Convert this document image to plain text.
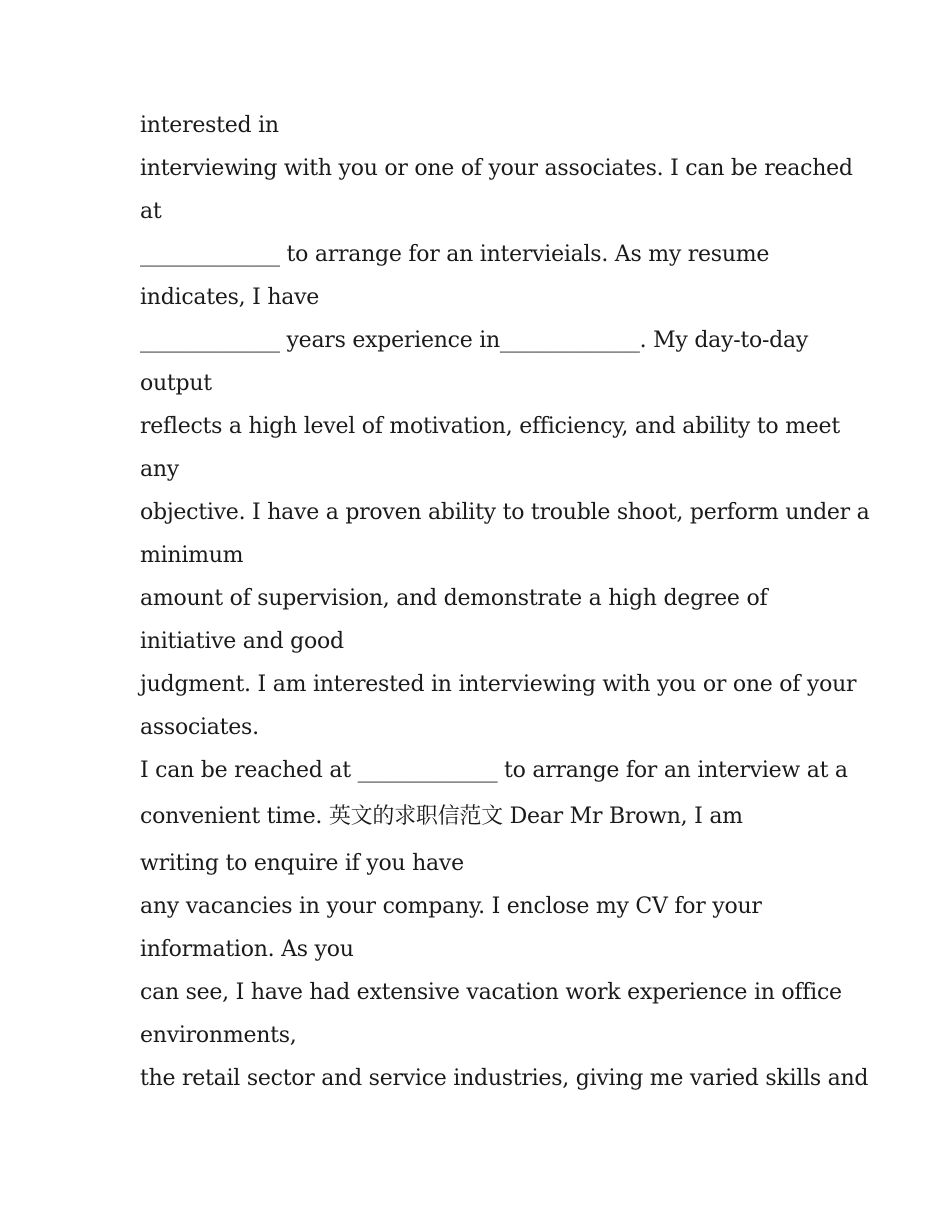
interested in
interviewing with you or one of your associates. I can be reached
at
_____________ to arrange for an intervieials. As my resume
indicates, I have
_____________ years experience in_____________. My day-to-day
output
reflects a high level of motivation, efficiency, and ability to meet
any
objective. I have a proven ability to trouble shoot, perform under a
minimum
amount of supervision, and demonstrate a high degree of
initiative and good
judgment. I am interested in interviewing with you or one of your
associates.
I can be reached at _____________ to arrange for an interview at a
convenient time. 英文的求职信范文 Dear Mr Brown, I am
writing to enquire if you have
any vacancies in your company. I enclose my CV for your
information. As you
can see, I have had extensive vacation work experience in office
environments,
the retail sector and service industries, giving me varied skills and
